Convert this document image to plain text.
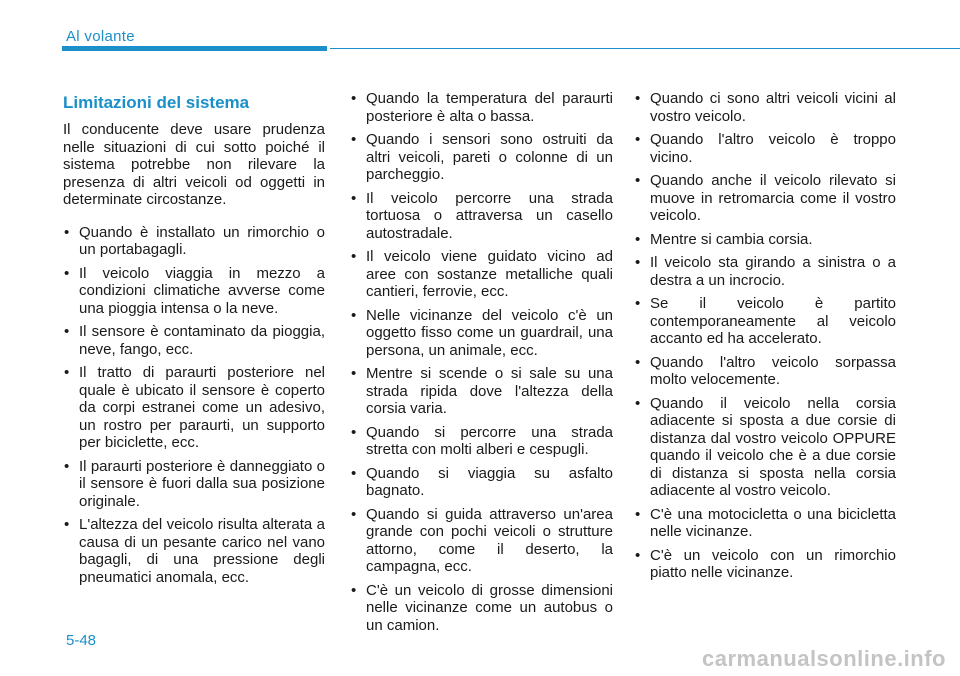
Al volante
Limitazioni del sistema

Il conducente deve usare prudenza nelle situazioni di cui sotto poiché il sistema potrebbe non rilevare la presenza di altri veicoli od oggetti in determinate circostanze.

• Quando è installato un rimorchio o un portabagagli.
• Il veicolo viaggia in mezzo a condizioni climatiche avverse come una pioggia intensa o la neve.
• Il sensore è contaminato da pioggia, neve, fango, ecc.
• Il tratto di paraurti posteriore nel quale è ubicato il sensore è coperto da corpi estranei come un adesivo, un rostro per paraurti, un supporto per biciclette, ecc.
• Il paraurti posteriore è danneggiato o il sensore è fuori dalla sua posizione originale.
• L'altezza del veicolo risulta alterata a causa di un pesante carico nel vano bagagli, di una pressione degli pneumatici anomala, ecc.
• Quando la temperatura del paraurti posteriore è alta o bassa.
• Quando i sensori sono ostruiti da altri veicoli, pareti o colonne di un parcheggio.
• Il veicolo percorre una strada tortuosa o attraversa un casello autostradale.
• Il veicolo viene guidato vicino ad aree con sostanze metalliche quali cantieri, ferrovie, ecc.
• Nelle vicinanze del veicolo c'è un oggetto fisso come un guardrail, una persona, un animale, ecc.
• Mentre si scende o si sale su una strada ripida dove l'altezza della corsia varia.
• Quando si percorre una strada stretta con molti alberi e cespugli.
• Quando si viaggia su asfalto bagnato.
• Quando si guida attraverso un'area grande con pochi veicoli o strutture attorno, come il deserto, la campagna, ecc.
• C'è un veicolo di grosse dimensioni nelle vicinanze come un autobus o un camion.
• Quando ci sono altri veicoli vicini al vostro veicolo.
• Quando l'altro veicolo è troppo vicino.
• Quando anche il veicolo rilevato si muove in retromarcia come il vostro veicolo.
• Mentre si cambia corsia.
• Il veicolo sta girando a sinistra o a destra a un incrocio.
• Se il veicolo è partito contemporaneamente al veicolo accanto ed ha accelerato.
• Quando l'altro veicolo sorpassa molto velocemente.
• Quando il veicolo nella corsia adiacente si sposta a due corsie di distanza dal vostro veicolo OPPURE quando il veicolo che è a due corsie di distanza si sposta nella corsia adiacente al vostro veicolo.
• C'è una motocicletta o una bicicletta nelle vicinanze.
• C'è un veicolo con un rimorchio piatto nelle vicinanze.
5-48
carmanualsonline.info
